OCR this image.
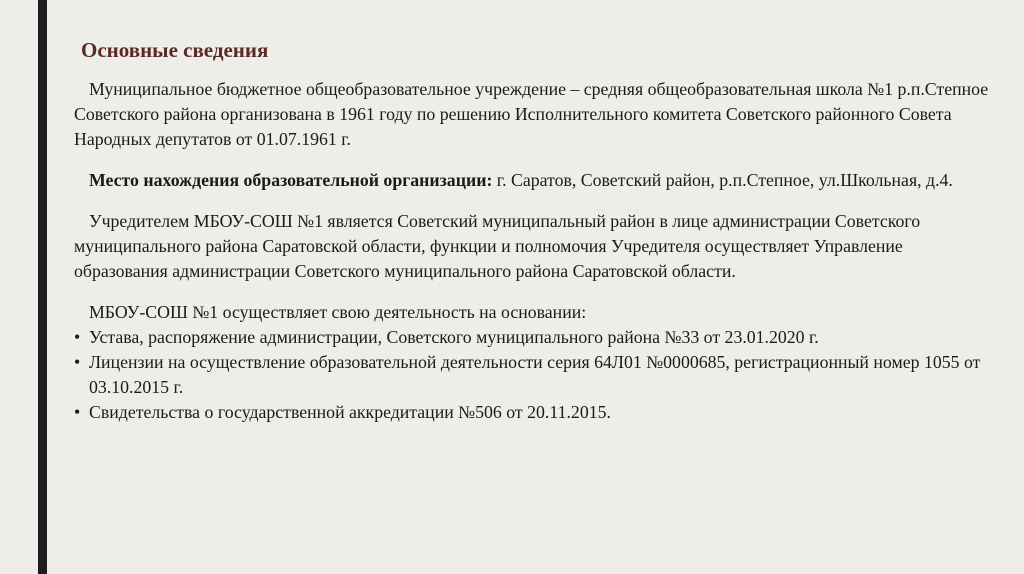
Основные сведения

Муниципальное бюджетное общеобразовательное учреждение – средняя общеобразовательная школа №1 р.п.Степное Советского района организована в 1961 году по решению Исполнительного комитета Советского районного Совета Народных депутатов от 01.07.1961 г.

Место нахождения образовательной организации: г. Саратов, Советский район, р.п.Степное, ул.Школьная, д.4.

Учредителем МБОУ-СОШ №1 является Советский муниципальный район в лице администрации Советского муниципального района Саратовской области, функции и полномочия Учредителя осуществляет Управление образования администрации Советского муниципального района Саратовской области.

МБОУ-СОШ №1 осуществляет свою деятельность на основании:

• Устава, распоряжение администрации, Советского муниципального района №33 от 23.01.2020 г.
• Лицензии на осуществление образовательной деятельности серия 64Л01 №0000685, регистрационный номер 1055 от 03.10.2015 г.
• Свидетельства о государственной аккредитации №506 от 20.11.2015.
